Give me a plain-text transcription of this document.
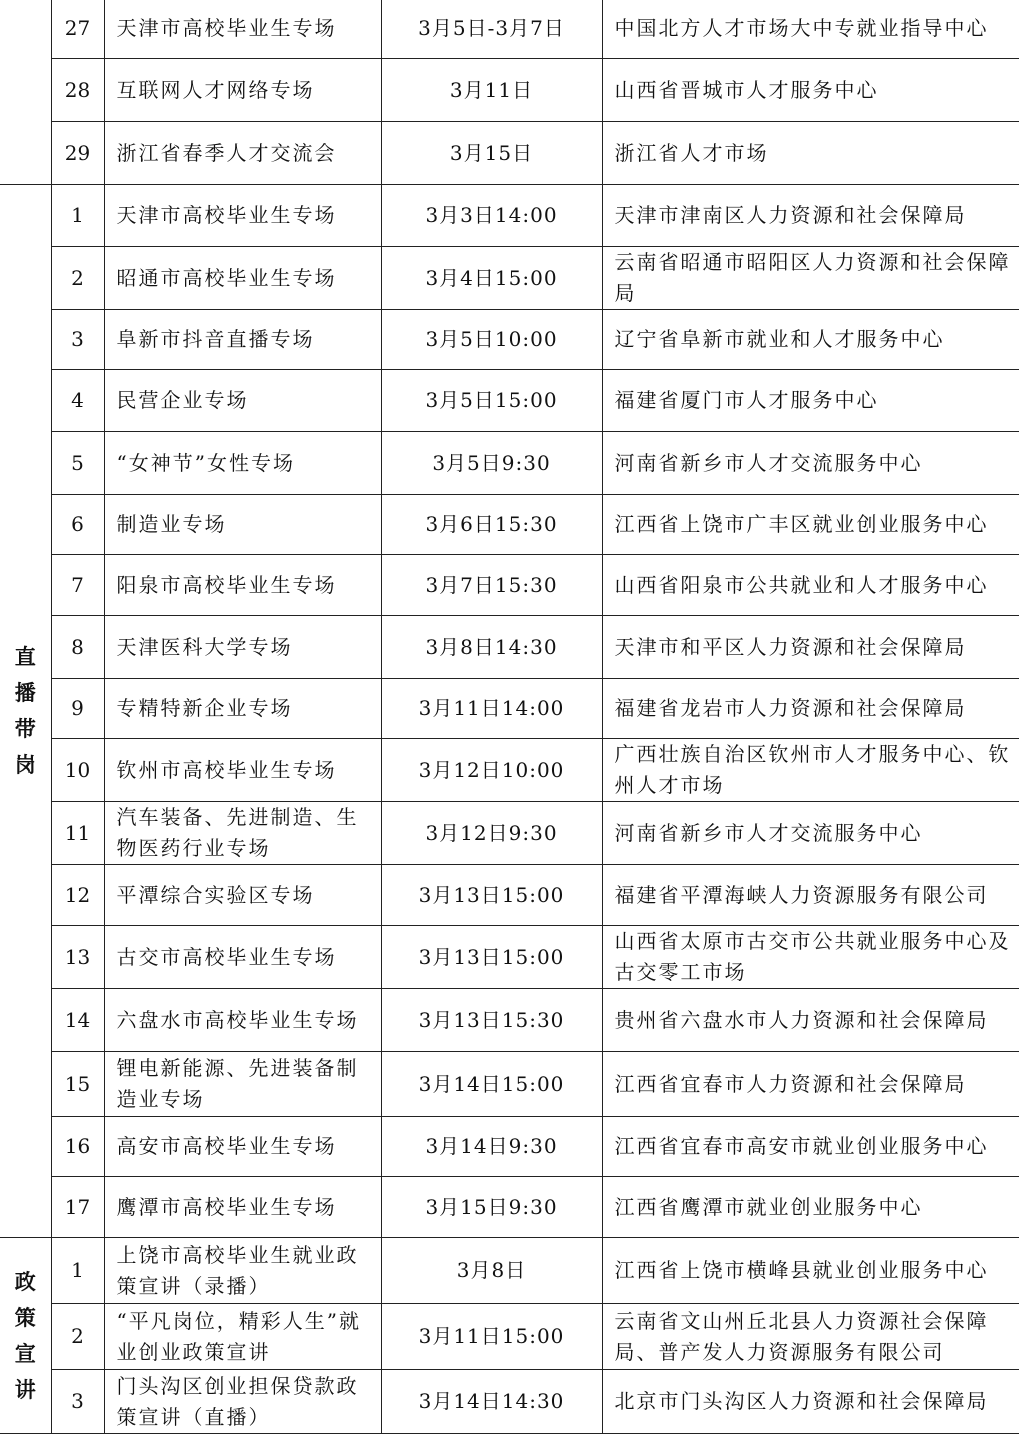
	27	天津市高校毕业生专场	3月5日-3月7日	中国北方人才市场大中专就业指导中心
	28	互联网人才网络专场	3月11日	山西省晋城市人才服务中心
	29	浙江省春季人才交流会	3月15日	浙江省人才市场
直播带岗	1	天津市高校毕业生专场	3月3日14:00	天津市津南区人力资源和社会保障局
	2	昭通市高校毕业生专场	3月4日15:00	云南省昭通市昭阳区人力资源和社会保障局
	3	阜新市抖音直播专场	3月5日10:00	辽宁省阜新市就业和人才服务中心
	4	民营企业专场	3月5日15:00	福建省厦门市人才服务中心
	5	“女神节”女性专场	3月5日9:30	河南省新乡市人才交流服务中心
	6	制造业专场	3月6日15:30	江西省上饶市广丰区就业创业服务中心
	7	阳泉市高校毕业生专场	3月7日15:30	山西省阳泉市公共就业和人才服务中心
	8	天津医科大学专场	3月8日14:30	天津市和平区人力资源和社会保障局
	9	专精特新企业专场	3月11日14:00	福建省龙岩市人力资源和社会保障局
	10	钦州市高校毕业生专场	3月12日10:00	广西壮族自治区钦州市人才服务中心、钦州人才市场
	11	汽车装备、先进制造、生物医药行业专场	3月12日9:30	河南省新乡市人才交流服务中心
	12	平潭综合实验区专场	3月13日15:00	福建省平潭海峡人力资源服务有限公司
	13	古交市高校毕业生专场	3月13日15:00	山西省太原市古交市公共就业服务中心及古交零工市场
	14	六盘水市高校毕业生专场	3月13日15:30	贵州省六盘水市人力资源和社会保障局
	15	锂电新能源、先进装备制造业专场	3月14日15:00	江西省宜春市人力资源和社会保障局
	16	高安市高校毕业生专场	3月14日9:30	江西省宜春市高安市就业创业服务中心
	17	鹰潭市高校毕业生专场	3月15日9:30	江西省鹰潭市就业创业服务中心
政策宣讲	1	上饶市高校毕业生就业政策宣讲（录播）	3月8日	江西省上饶市横峰县就业创业服务中心
	2	“平凡岗位，精彩人生”就业创业政策宣讲	3月11日15:00	云南省文山州丘北县人力资源社会保障局、普产发人力资源服务有限公司
	3	门头沟区创业担保贷款政策宣讲（直播）	3月14日14:30	北京市门头沟区人力资源和社会保障局
